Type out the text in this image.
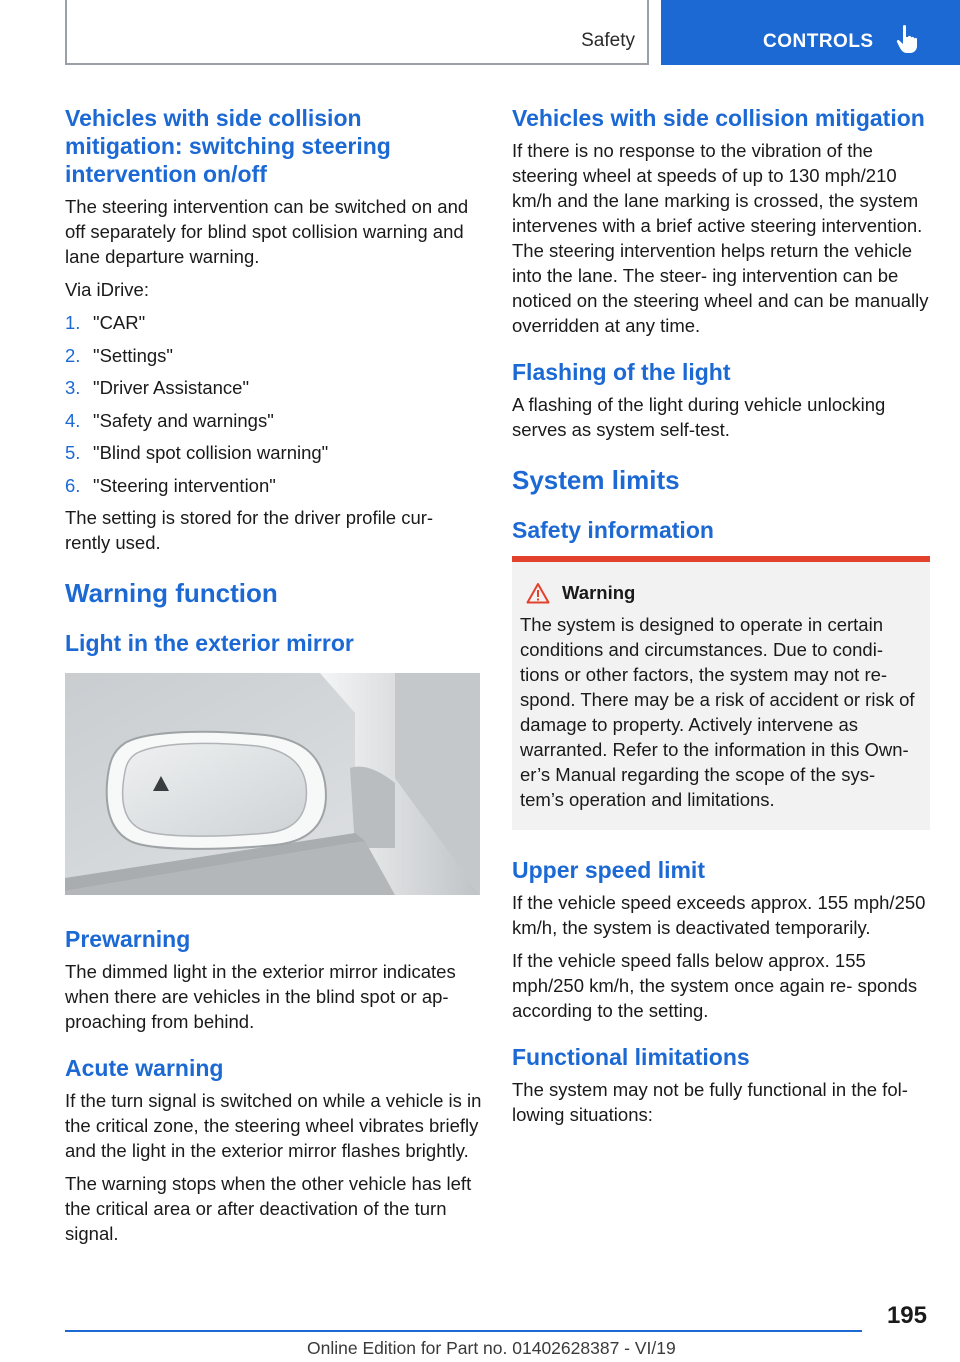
Safety	CONTROLS
Vehicles with side collision mitigation: switching steering intervention on/off

The steering intervention can be switched on and off separately for blind spot collision warning and lane departure warning.

Via iDrive:

1. "CAR"
2. "Settings"
3. "Driver Assistance"
4. "Safety and warnings"
5. "Blind spot collision warning"
6. "Steering intervention"

The setting is stored for the driver profile cur‐ rently used.

Warning function
Light in the exterior mirror
Prewarning

The dimmed light in the exterior mirror indicates when there are vehicles in the blind spot or ap‐ proaching from behind.

Acute warning

If the turn signal is switched on while a vehicle is in the critical zone, the steering wheel vibrates briefly and the light in the exterior mirror flashes brightly.

The warning stops when the other vehicle has left the critical area or after deactivation of the turn signal.

Vehicles with side collision mitigation

If there is no response to the vibration of the steering wheel at speeds of up to 130 mph/210 km/h and the lane marking is crossed, the system intervenes with a brief active steering intervention. The steering intervention helps return the vehicle into the lane. The steer‐ ing intervention can be noticed on the steering wheel and can be manually overridden at any time.

Flashing of the light

A flashing of the light during vehicle unlocking serves as system self-test.

System limits
Safety information
Warning

The system is designed to operate in certain conditions and circumstances. Due to condi‐ tions or other factors, the system may not re‐ spond. There may be a risk of accident or risk of damage to property. Actively intervene as warranted. Refer to the information in this Own‐ er’s Manual regarding the scope of the sys‐ tem’s operation and limitations.

Upper speed limit

If the vehicle speed exceeds approx. 155 mph/250 km/h, the system is deactivated temporarily.

If the vehicle speed falls below approx. 155 mph/250 km/h, the system once again re‐ sponds according to the setting.

Functional limitations

The system may not be fully functional in the fol‐ lowing situations:

195
Online Edition for Part no. 01402628387 - VI/19
